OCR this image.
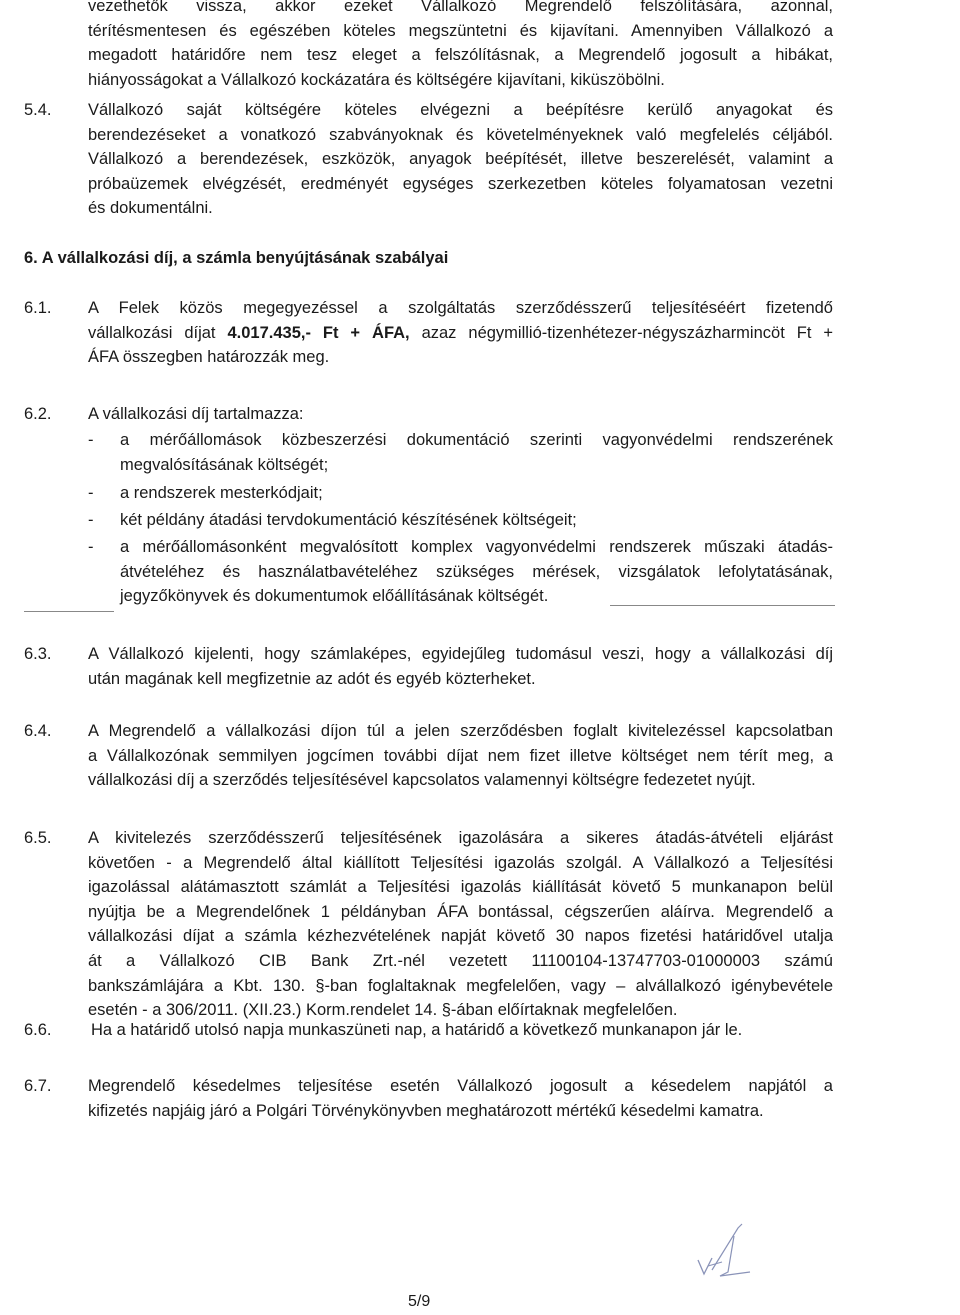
vezethetők vissza, akkor ezeket Vállalkozó Megrendelő felszólítására, azonnal,
térítésmentesen és egészében köteles megszüntetni és kijavítani. Amennyiben Vállalkozó a
megadott határidőre nem tesz eleget a felszólításnak, a Megrendelő jogosult a hibákat,
hiányosságokat a Vállalkozó kockázatára és költségére kijavítani, kiküszöbölni.
5.4. Vállalkozó saját költségére köteles elvégezni a beépítésre kerülő anyagokat és
berendezéseket a vonatkozó szabványoknak és követelményeknek való megfelelés céljából.
Vállalkozó a berendezések, eszközök, anyagok beépítését, illetve beszerelését, valamint a
próbaüzemek elvégzését, eredményét egységes szerkezetben köteles folyamatosan vezetni
és dokumentálni.
6. A vállalkozási díj, a számla benyújtásának szabályai
6.1. A Felek közös megegyezéssel a szolgáltatás szerződésszerű teljesítéséért fizetendő
vállalkozási díjat 4.017.435,- Ft + ÁFA, azaz négymillió-tizenhétezer-négyszázharmincöt Ft +
ÁFA összegben határozzák meg.
6.2. A vállalkozási díj tartalmazza:
- a mérőállomások közbeszerzési dokumentáció szerinti vagyonvédelmi rendszerének
megvalósításának költségét;
- a rendszerek mesterkódjait;
- két példány átadási tervdokumentáció készítésének költségeit;
- a mérőállomásonként megvalósított komplex vagyonvédelmi rendszerek műszaki átadás-
átvételéhez és használatbavételéhez szükséges mérések, vizsgálatok lefolytatásának,
jegyzőkönyvek és dokumentumok előállításának költségét.
6.3. A Vállalkozó kijelenti, hogy számlaképes, egyidejűleg tudomásul veszi, hogy a vállalkozási díj
után magának kell megfizetnie az adót és egyéb közterheket.
6.4. A Megrendelő a vállalkozási díjon túl a jelen szerződésben foglalt kivitelezéssel kapcsolatban
a Vállalkozónak semmilyen jogcímen további díjat nem fizet illetve költséget nem térít meg, a
vállalkozási díj a szerződés teljesítésével kapcsolatos valamennyi költségre fedezetet nyújt.
6.5. A kivitelezés szerződésszerű teljesítésének igazolására a sikeres átadás-átvételi eljárást
követően - a Megrendelő által kiállított Teljesítési igazolás szolgál. A Vállalkozó a Teljesítési
igazolással alátámasztott számlát a Teljesítési igazolás kiállítását követő 5 munkanapon belül
nyújtja be a Megrendelőnek 1 példányban ÁFA bontással, cégszerűen aláírva. Megrendelő a
vállalkozási díjat a számla kézhezvételének napját követő 30 napos fizetési határidővel utalja
át a Vállalkozó CIB Bank Zrt.-nél vezetett 11100104-13747703-01000003 számú
bankszámlájára a Kbt. 130. §-ban foglaltaknak megfelelően, vagy – alvállalkozó igénybevétele
esetén - a 306/2011. (XII.23.) Korm.rendelet 14. §-ában előírtaknak megfelelően.
6.6. Ha a határidő utolsó napja munkaszüneti nap, a határidő a következő munkanapon jár le.
6.7. Megrendelő késedelmes teljesítése esetén Vállalkozó jogosult a késedelem napjától a
kifizetés napjáig járó a Polgári Törvénykönyvben meghatározott mértékű késedelmi kamatra.
5/9
